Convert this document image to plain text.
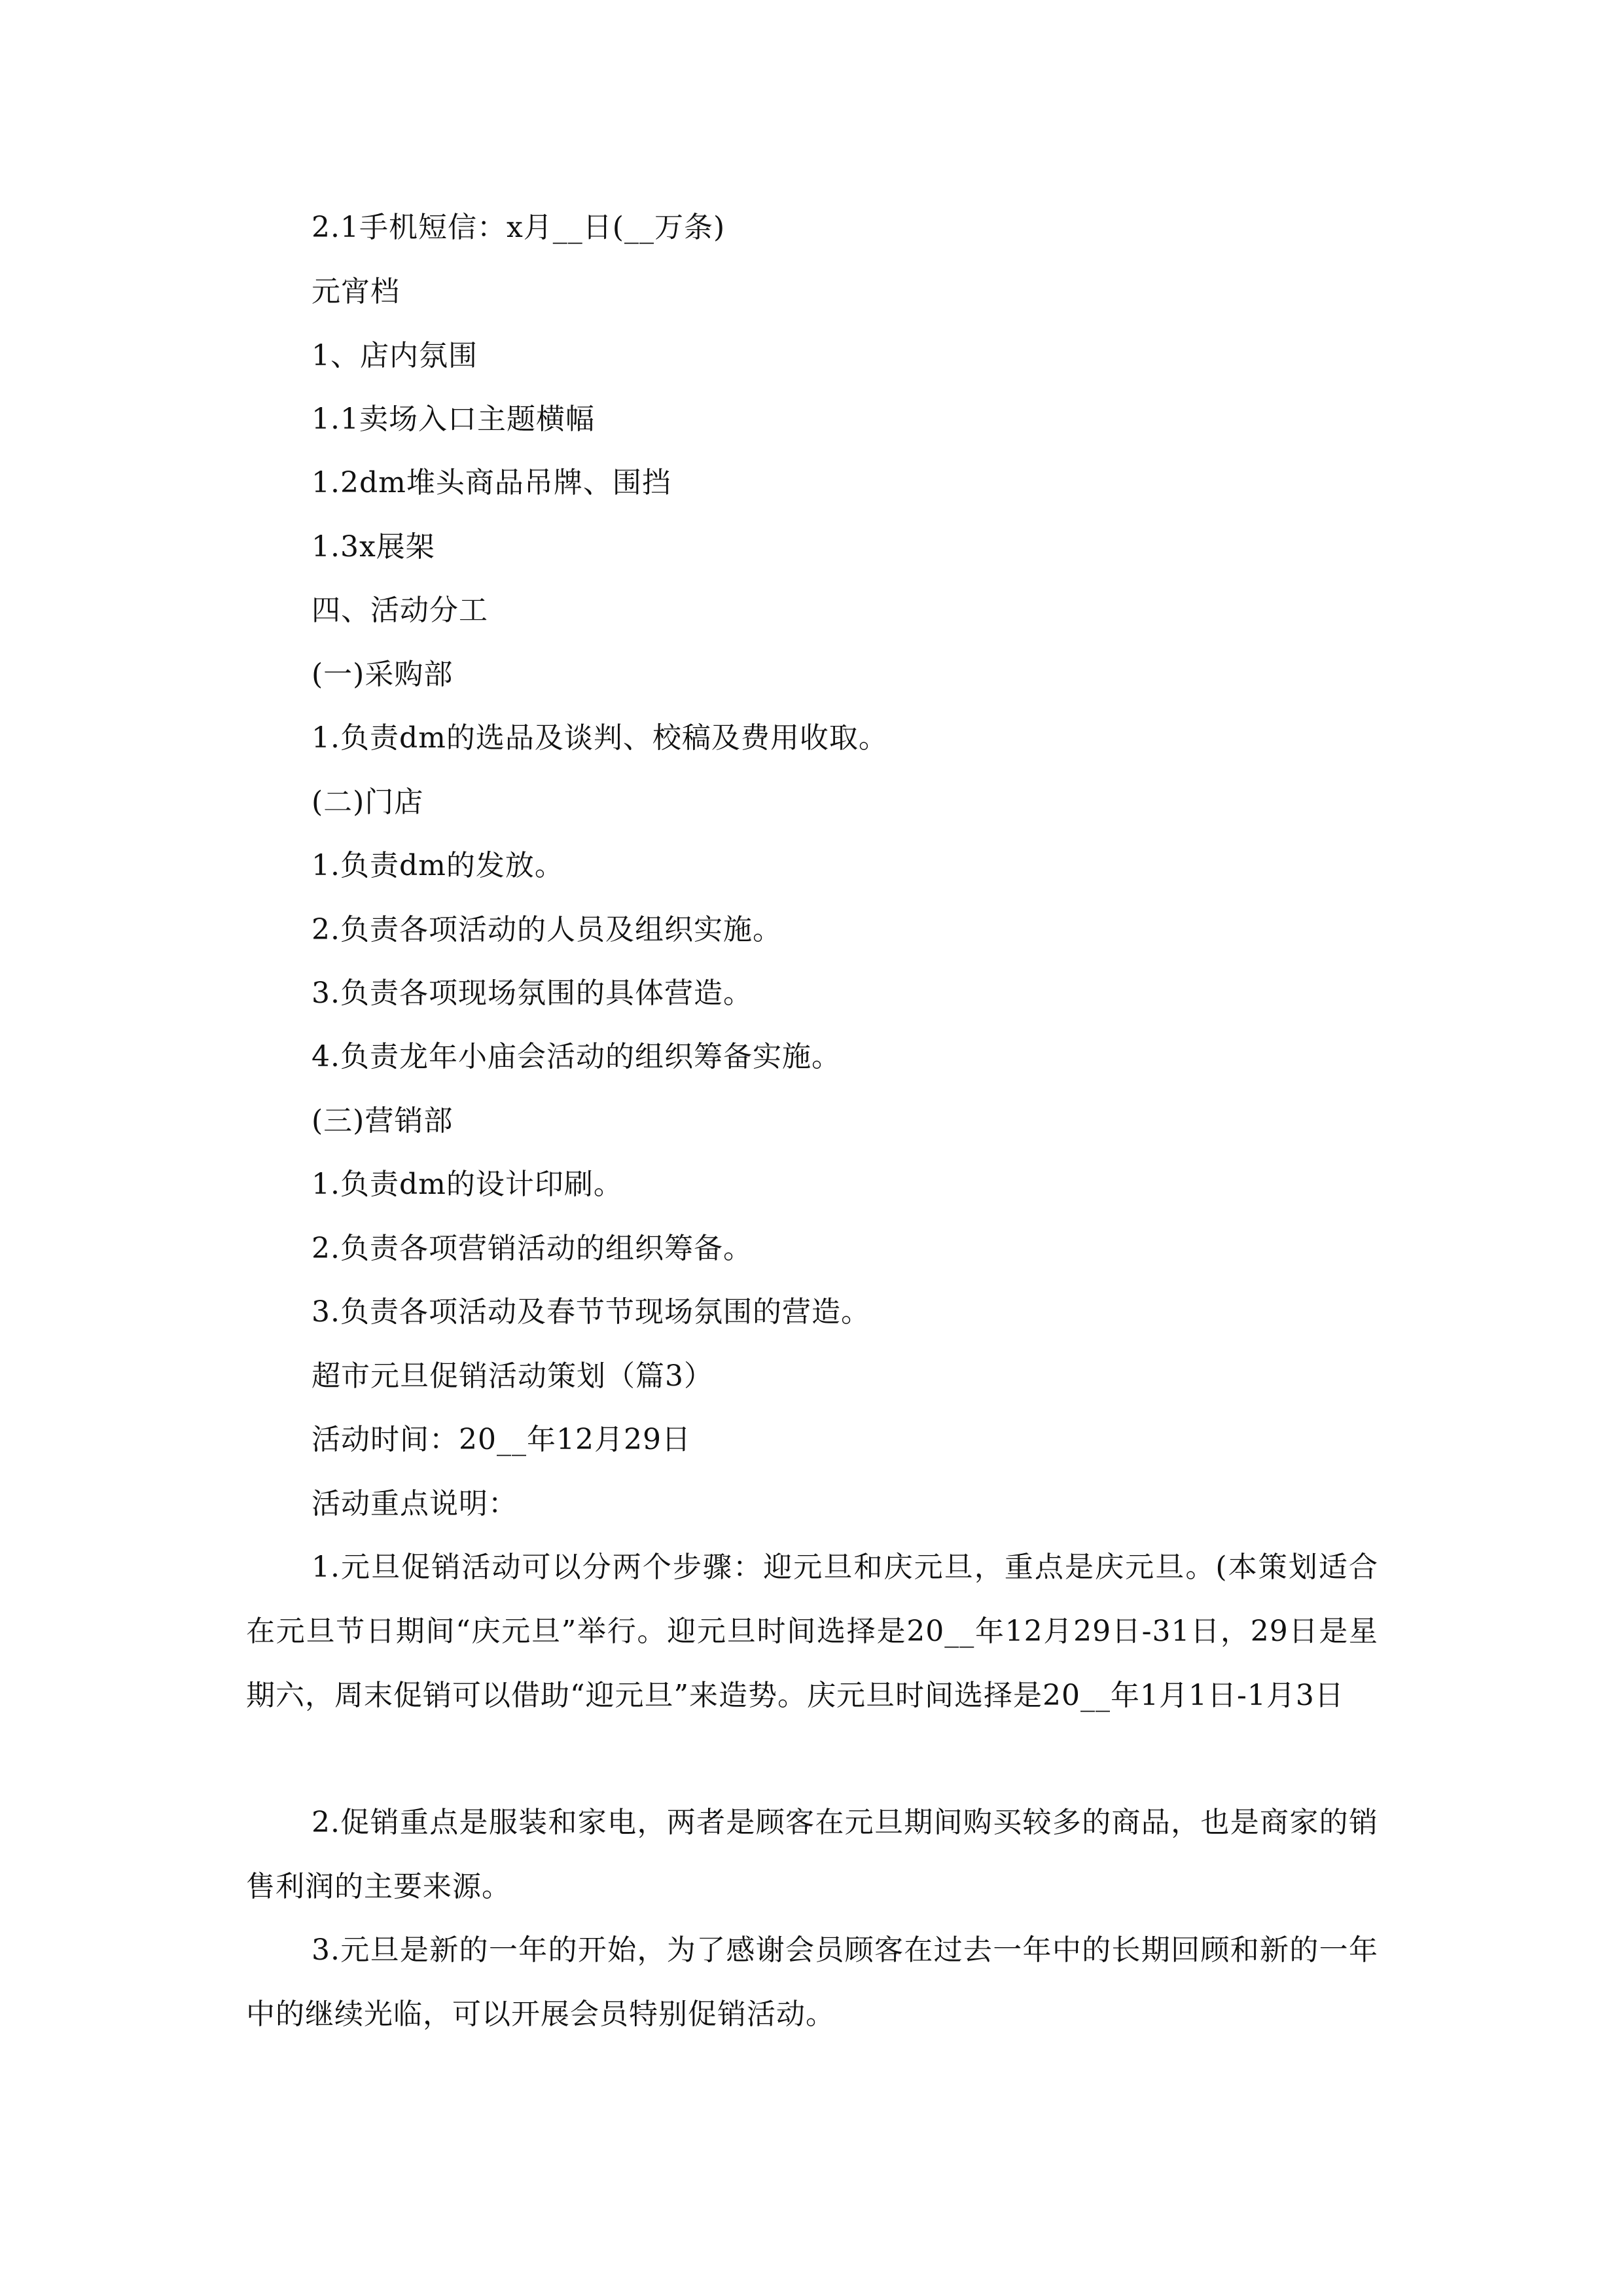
2.1手机短信：x月__日(__万条)

元宵档

1、店内氛围

1.1卖场入口主题横幅

1.2dm堆头商品吊牌、围挡

1.3x展架

四、活动分工

(一)采购部

1.负责dm的选品及谈判、校稿及费用收取。

(二)门店

1.负责dm的发放。

2.负责各项活动的人员及组织实施。

3.负责各项现场氛围的具体营造。

4.负责龙年小庙会活动的组织筹备实施。

(三)营销部

1.负责dm的设计印刷。

2.负责各项营销活动的组织筹备。

3.负责各项活动及春节节现场氛围的营造。

超市元旦促销活动策划（篇3）

活动时间：20__年12月29日

活动重点说明：

1.元旦促销活动可以分两个步骤：迎元旦和庆元旦，重点是庆元旦。(本策划适合在元旦节日期间“庆元旦”举行。迎元旦时间选择是20__年12月29日-31日，29日是星期六，周末促销可以借助“迎元旦”来造势。庆元旦时间选择是20__年1月1日-1月3日

2.促销重点是服装和家电，两者是顾客在元旦期间购买较多的商品，也是商家的销售利润的主要来源。

3.元旦是新的一年的开始，为了感谢会员顾客在过去一年中的长期回顾和新的一年中的继续光临，可以开展会员特别促销活动。
